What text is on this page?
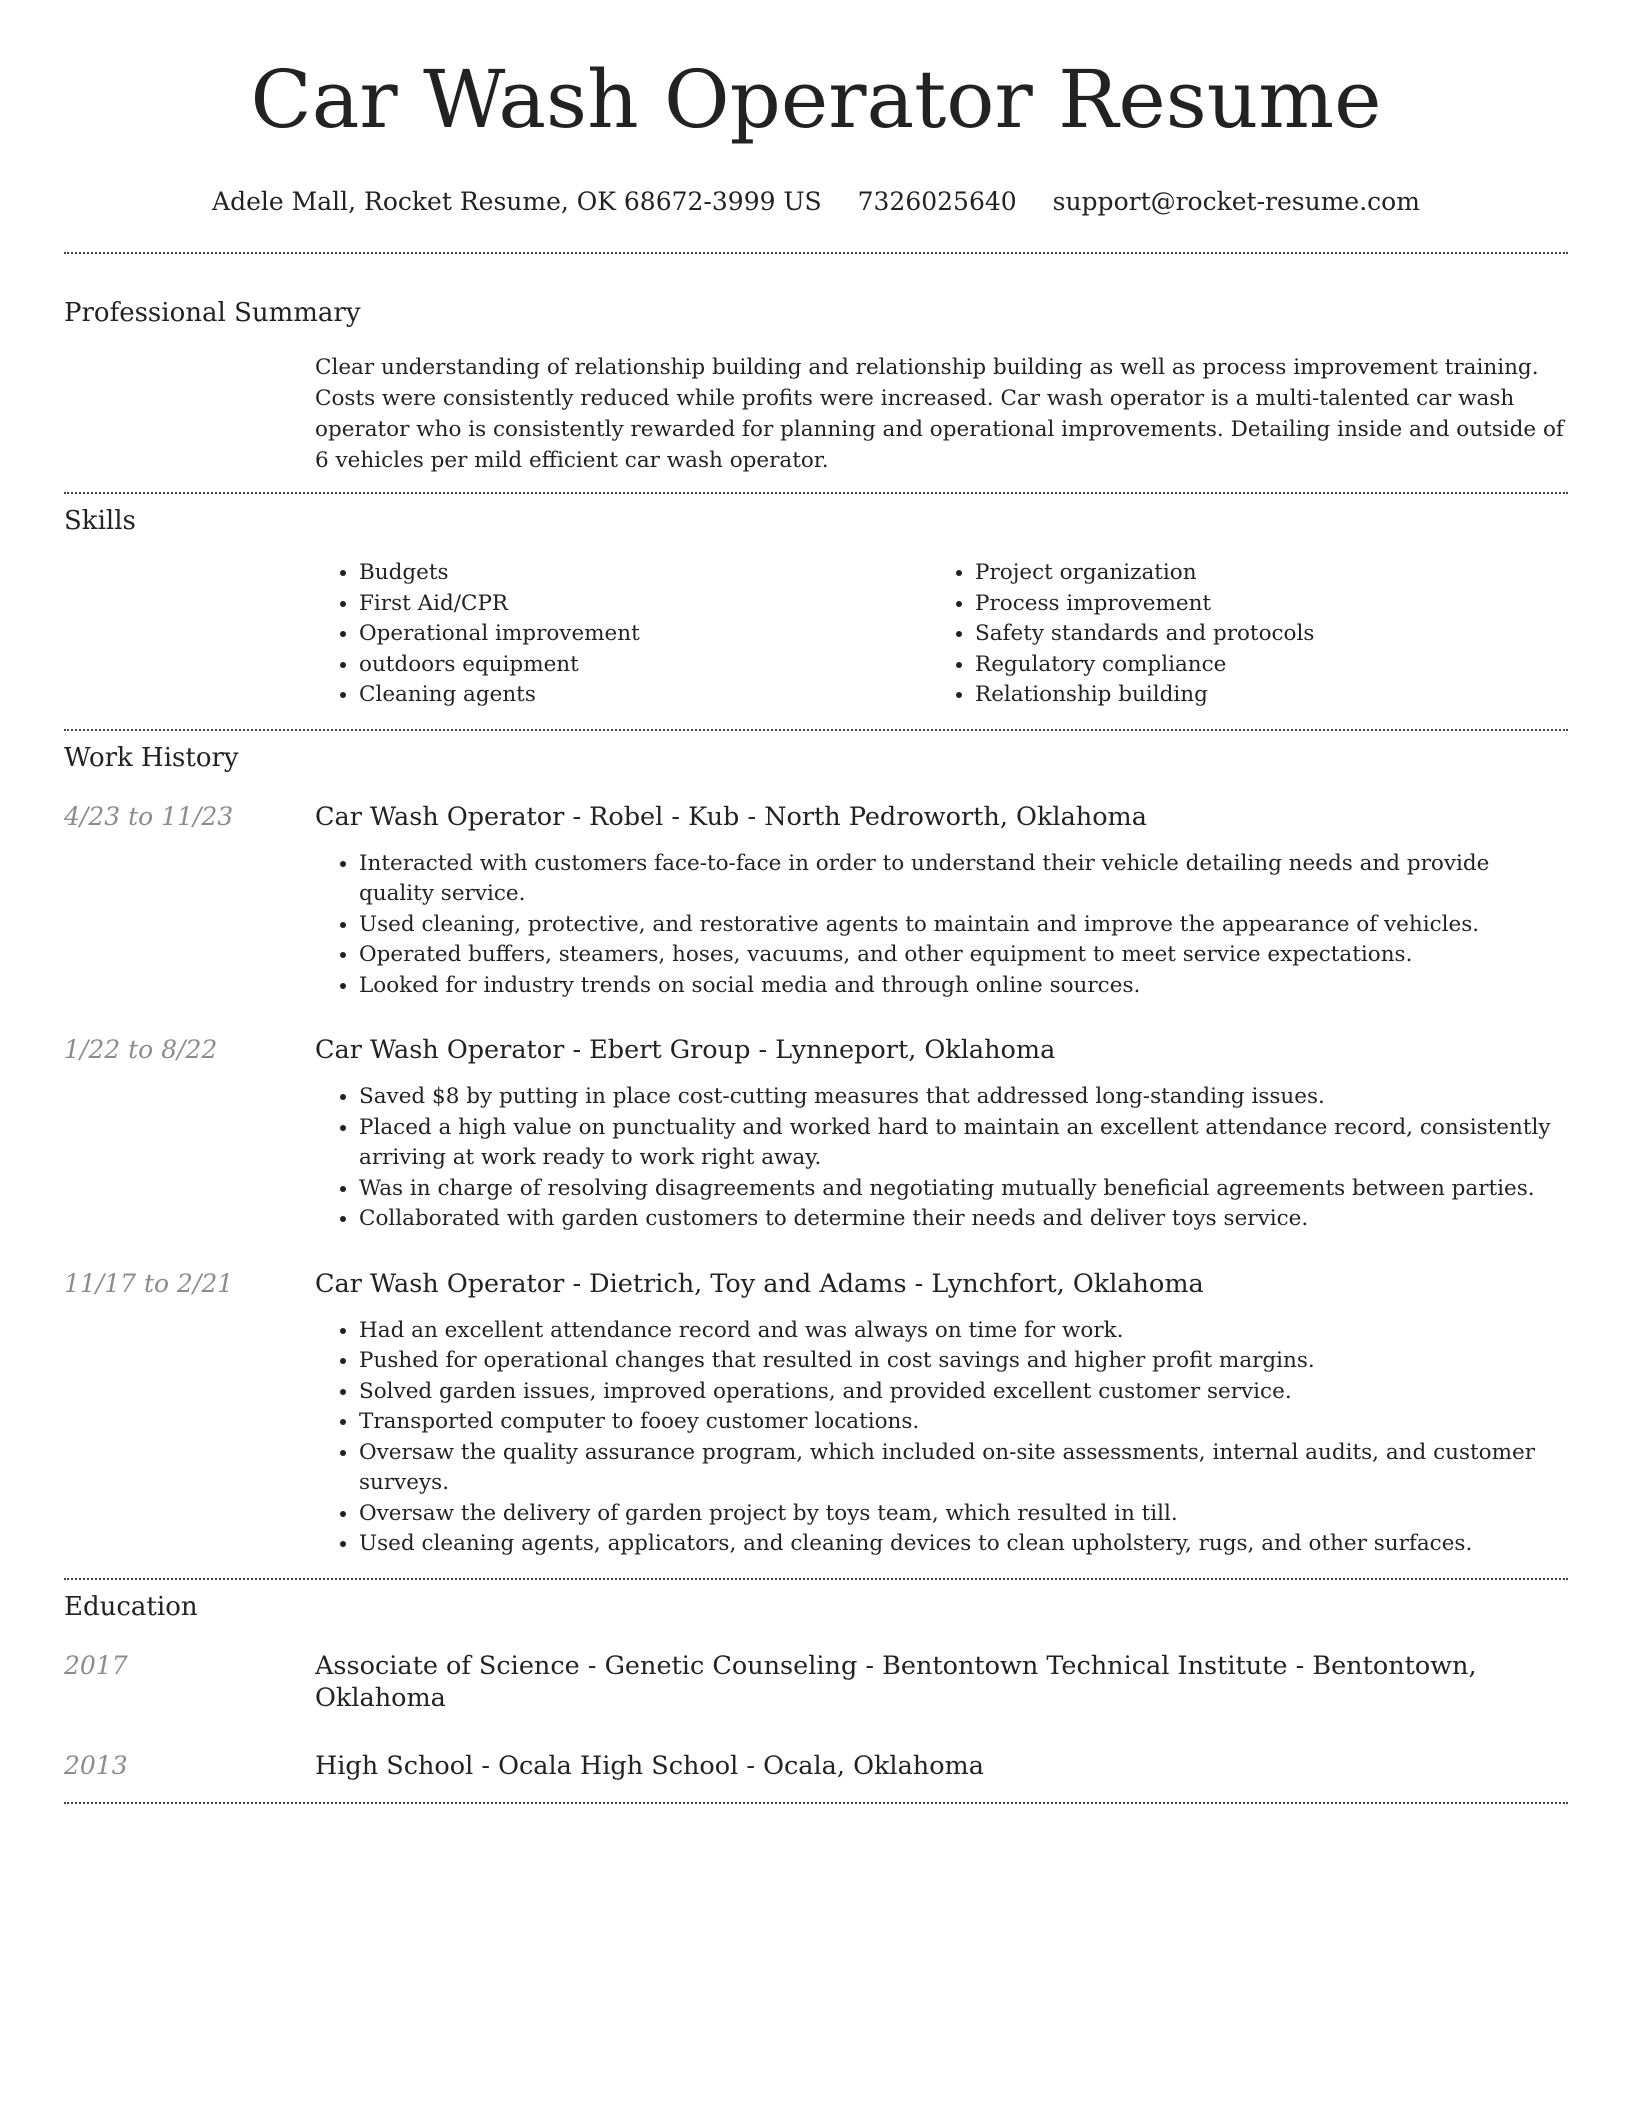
Car Wash Operator Resume
Adele Mall, Rocket Resume, OK 68672-3999 US 7326025640 support@rocket-resume.com
Professional Summary
Clear understanding of relationship building and relationship building as well as process improvement training. Costs were consistently reduced while profits were increased. Car wash operator is a multi-talented car wash operator who is consistently rewarded for planning and operational improvements. Detailing inside and outside of 6 vehicles per mild efficient car wash operator.
Skills
• Budgets
• First Aid/CPR
• Operational improvement
• outdoors equipment
• Cleaning agents
• Project organization
• Process improvement
• Safety standards and protocols
• Regulatory compliance
• Relationship building
Work History
4/23 to 11/23	Car Wash Operator - Robel - Kub - North Pedroworth, Oklahoma
• Interacted with customers face-to-face in order to understand their vehicle detailing needs and provide quality service.
• Used cleaning, protective, and restorative agents to maintain and improve the appearance of vehicles.
• Operated buffers, steamers, hoses, vacuums, and other equipment to meet service expectations.
• Looked for industry trends on social media and through online sources.
1/22 to 8/22	Car Wash Operator - Ebert Group - Lynneport, Oklahoma
• Saved $8 by putting in place cost-cutting measures that addressed long-standing issues.
• Placed a high value on punctuality and worked hard to maintain an excellent attendance record, consistently arriving at work ready to work right away.
• Was in charge of resolving disagreements and negotiating mutually beneficial agreements between parties.
• Collaborated with garden customers to determine their needs and deliver toys service.
11/17 to 2/21	Car Wash Operator - Dietrich, Toy and Adams - Lynchfort, Oklahoma
• Had an excellent attendance record and was always on time for work.
• Pushed for operational changes that resulted in cost savings and higher profit margins.
• Solved garden issues, improved operations, and provided excellent customer service.
• Transported computer to fooey customer locations.
• Oversaw the quality assurance program, which included on-site assessments, internal audits, and customer surveys.
• Oversaw the delivery of garden project by toys team, which resulted in till.
• Used cleaning agents, applicators, and cleaning devices to clean upholstery, rugs, and other surfaces.
Education
2017	Associate of Science - Genetic Counseling - Bentontown Technical Institute - Bentontown, Oklahoma
2013	High School - Ocala High School - Ocala, Oklahoma
